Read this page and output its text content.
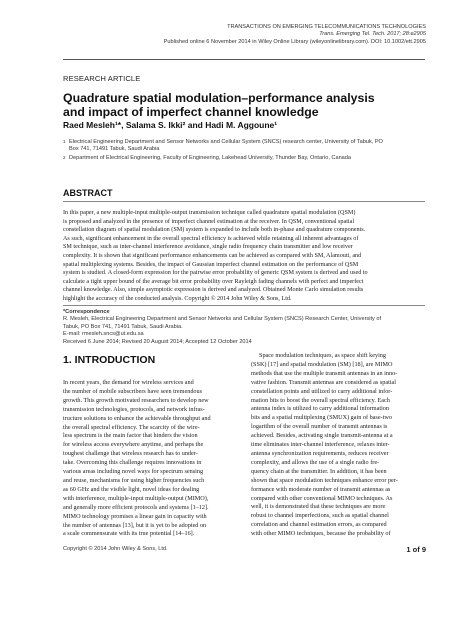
TRANSACTIONS ON EMERGING TELECOMMUNICATIONS TECHNOLOGIES
Trans. Emerging Tel. Tech. 2017; 28:e2905
Published online 6 November 2014 in Wiley Online Library (wileyonlinelibrary.com). DOI: 10.1002/ett.2905
RESEARCH ARTICLE
Quadrature spatial modulation–performance analysis
and impact of imperfect channel knowledge
Raed Mesleh¹*, Salama S. Ikki² and Hadi M. Aggoune¹
1 Electrical Engineering Department and Sensor Networks and Cellular System (SNCS) research center, University of Tabuk, PO
Box 741, 71491 Tabuk, Saudi Arabia
2 Department of Electrical Engineering, Faculty of Engineering, Lakehead University, Thunder Bay, Ontario, Canada
ABSTRACT
In this paper, a new multiple-input multiple-output transmission technique called quadrature spatial modulation (QSM)
is proposed and analyzed in the presence of imperfect channel estimation at the receiver. In QSM, conventional spatial
constellation diagram of spatial modulation (SM) system is expanded to include both in-phase and quadrature components.
As such, significant enhancement in the overall spectral efficiency is achieved while retaining all inherent advantages of
SM technique, such as inter-channel interference avoidance, single radio frequency chain transmitter and low receiver
complexity. It is shown that significant performance enhancements can be achieved as compared with SM, Alamouti, and
spatial multiplexing systems. Besides, the impact of Gaussian imperfect channel estimation on the performance of QSM
system is studied. A closed-form expression for the pairwise error probability of generic QSM system is derived and used to
calculate a tight upper bound of the average bit error probability over Rayleigh fading channels with perfect and imperfect
channel knowledge. Also, simple asymptotic expression is derived and analyzed. Obtained Monte Carlo simulation results
highlight the accuracy of the conducted analysis. Copyright © 2014 John Wiley & Sons, Ltd.
*Correspondence
R. Mesleh, Electrical Engineering Department and Sensor Networks and Cellular System (SNCS) Research Center, University of
Tabuk, PO Box 741, 71491 Tabuk, Saudi Arabia.
E-mail: rmesleh.sncs@ut.edu.sa
Received 6 June 2014; Revised 20 August 2014; Accepted 12 October 2014
1. INTRODUCTION
In recent years, the demand for wireless services and
the number of mobile subscribers have seen tremendous
growth. This growth motivated researchers to develop new
transmission technologies, protocols, and network infras-
tructure solutions to enhance the achievable throughput and
the overall spectral efficiency. The scarcity of the wire-
less spectrum is the main factor that hinders the vision
for wireless access everywhere anytime, and perhaps the
toughest challenge that wireless research has to under-
take. Overcoming this challenge requires innovations in
various areas including novel ways for spectrum sensing
and reuse, mechanisms for using higher frequencies such
as 60 GHz and the visible light, novel ideas for dealing
with interference, multiple-input multiple-output (MIMO),
and generally more efficient protocols and systems [1–12].
MIMO technology promises a linear gain in capacity with
the number of antennas [13], but it is yet to be adopted on
a scale commensurate with its true potential [14–16].
Space modulation techniques, as space shift keying
(SSK) [17] and spatial modulation (SM) [18], are MIMO
methods that use the multiple transmit antennas in an inno-
vative fashion. Transmit antennas are considered as spatial
constellation points and utilized to carry additional infor-
mation bits to boost the overall spectral efficiency. Each
antenna index is utilized to carry additional information
bits and a spatial multiplexing (SMUX) gain of base-two
logarithm of the overall number of transmit antennas is
achieved. Besides, activating single transmit-antenna at a
time eliminates inter-channel interference, relaxes inter-
antenna synchronization requirements, reduces receiver
complexity, and allows the use of a single radio fre-
quency chain at the transmitter. In addition, it has been
shown that space modulation techniques enhance error per-
formance with moderate number of transmit antennas as
compared with other conventional MIMO techniques. As
well, it is demonstrated that these techniques are more
robust to channel imperfections, such as spatial channel
correlation and channel estimation errors, as compared
with other MIMO techniques, because the probability of
Copyright © 2014 John Wiley & Sons, Ltd.	1 of 9
